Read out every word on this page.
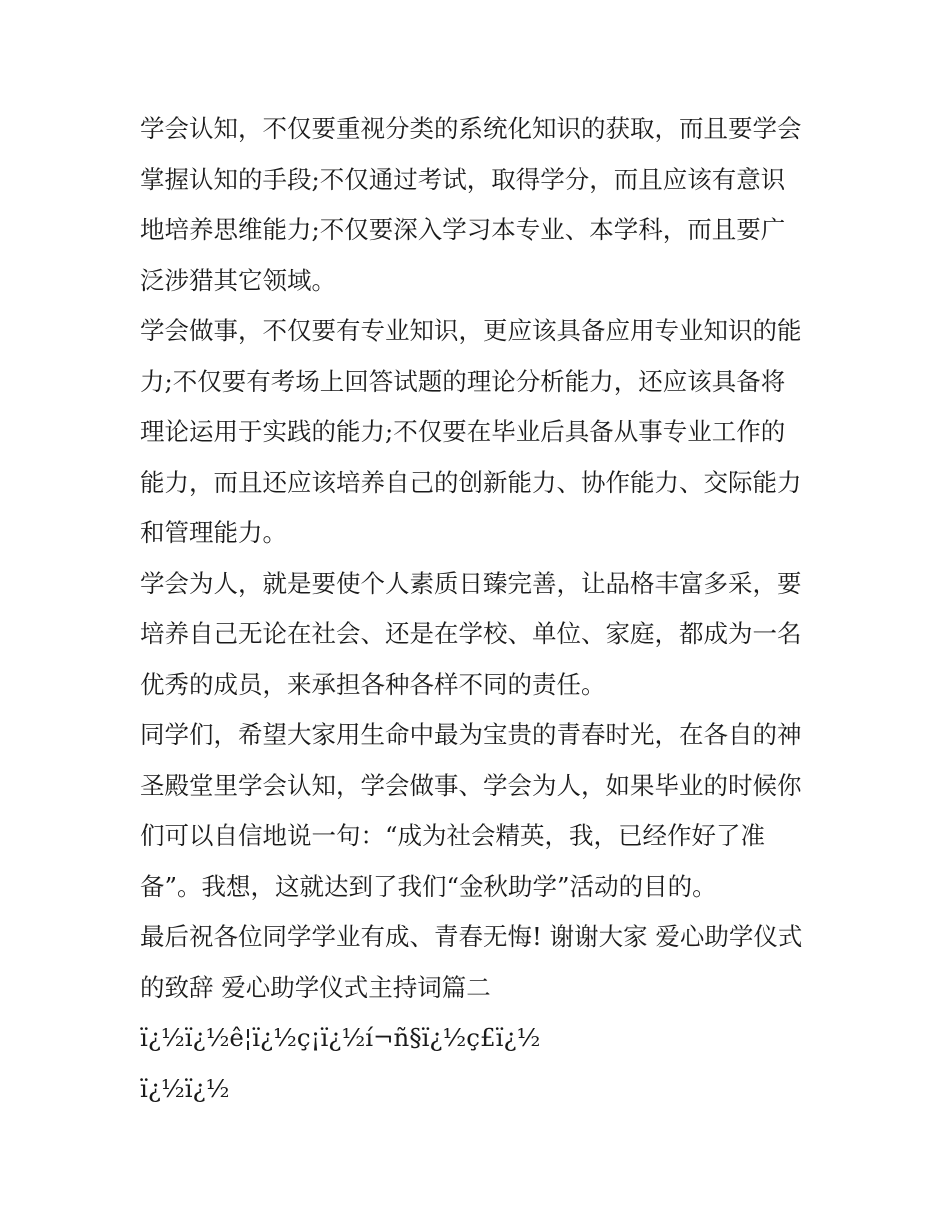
学会认知，不仅要重视分类的系统化知识的获取，而且要学会
掌握认知的手段;不仅通过考试，取得学分，而且应该有意识
地培养思维能力;不仅要深入学习本专业、本学科，而且要广
泛涉猎其它领域。
学会做事，不仅要有专业知识，更应该具备应用专业知识的能
力;不仅要有考场上回答试题的理论分析能力，还应该具备将
理论运用于实践的能力;不仅要在毕业后具备从事专业工作的
能力，而且还应该培养自己的创新能力、协作能力、交际能力
和管理能力。
学会为人，就是要使个人素质日臻完善，让品格丰富多采，要
培养自己无论在社会、还是在学校、单位、家庭，都成为一名
优秀的成员，来承担各种各样不同的责任。
同学们，希望大家用生命中最为宝贵的青春时光，在各自的神
圣殿堂里学会认知，学会做事、学会为人，如果毕业的时候你
们可以自信地说一句：“成为社会精英，我，已经作好了准
备”。我想，这就达到了我们“金秋助学”活动的目的。
最后祝各位同学学业有成、青春无悔! 谢谢大家 爱心助学仪式
的致辞 爱心助学仪式主持词篇二
ï¿½ï¿½ê¦ï¿½ç¡ï¿½í¬ñ§ï¿½ç£ï¿½
ï¿½ï¿½
